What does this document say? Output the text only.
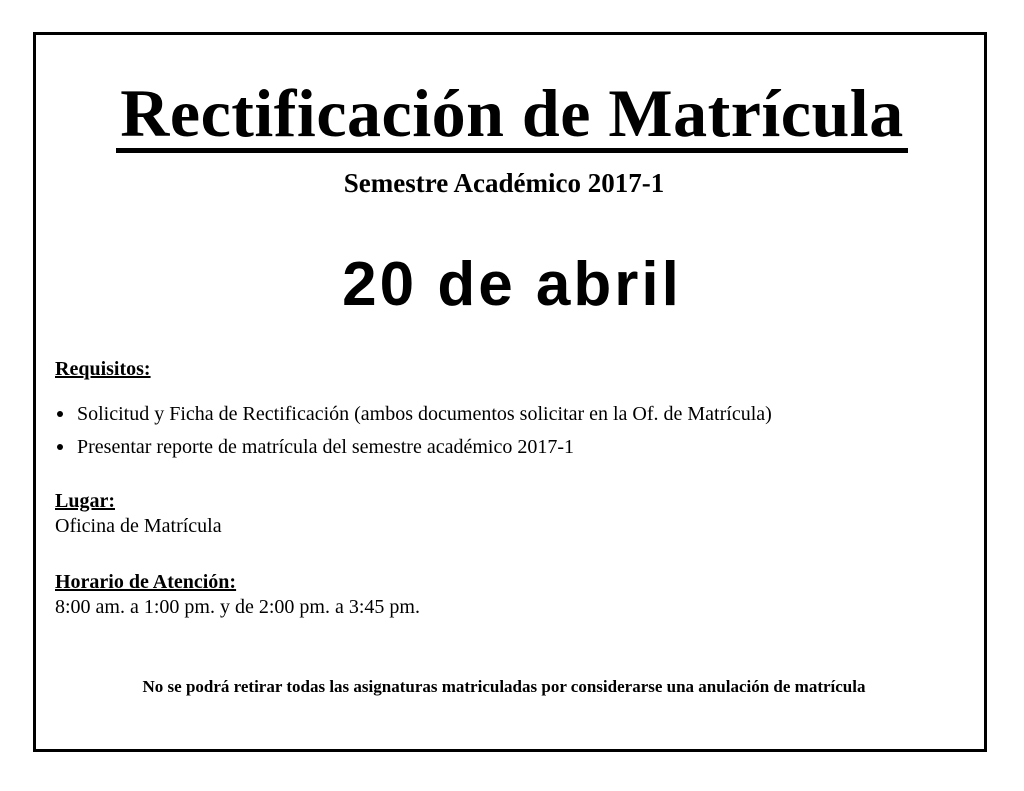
Rectificación de Matrícula
Semestre Académico 2017-1
20 de abril
Requisitos:
Solicitud y Ficha de Rectificación (ambos documentos solicitar en la Of. de Matrícula)
Presentar reporte de matrícula del semestre académico 2017-1
Lugar:
Oficina de Matrícula
Horario de Atención:
8:00 am. a 1:00 pm. y de 2:00 pm. a 3:45 pm.
No se podrá retirar todas las asignaturas matriculadas por considerarse una anulación de matrícula
